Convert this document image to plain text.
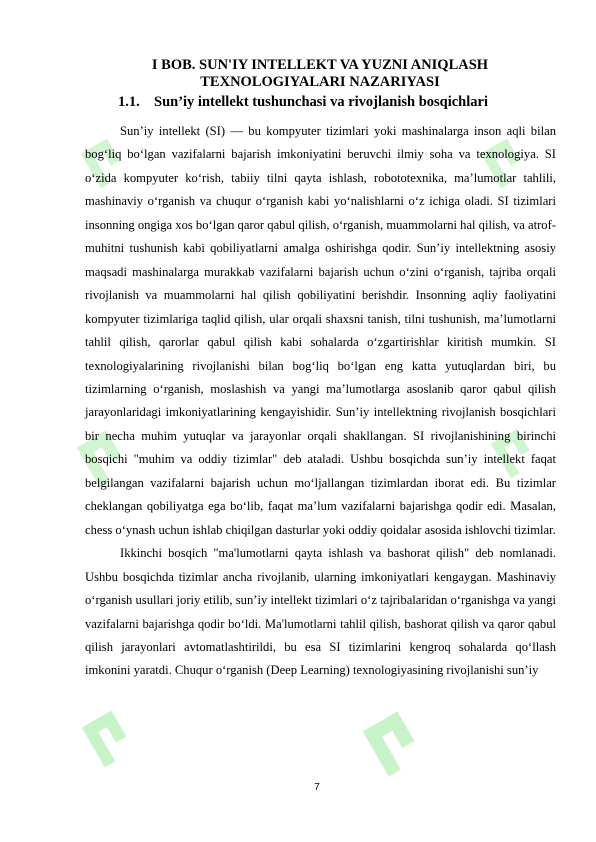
I BOB. SUN'IY INTELLEKT VA YUZNI ANIQLASH
TEXNOLOGIYALARI NAZARIYASI
1.1. Sun’iy intellekt tushunchasi va rivojlanish bosqichlari

Sun’iy intellekt (SI) — bu kompyuter tizimlari yoki mashinalarga inson aqli bilan bog‘liq bo‘lgan vazifalarni bajarish imkoniyatini beruvchi ilmiy soha va texnologiya. SI o‘zida kompyuter ko‘rish, tabiiy tilni qayta ishlash, robototexnika, ma’lumotlar tahlili, mashinaviy o‘rganish va chuqur o‘rganish kabi yo‘nalishlarni o‘z ichiga oladi. SI tizimlari insonning ongiga xos bo‘lgan qaror qabul qilish, o‘rganish, muammolarni hal qilish, va atrof-muhitni tushunish kabi qobiliyatlarni amalga oshirishga qodir. Sun’iy intellektning asosiy maqsadi mashinalarga murakkab vazifalarni bajarish uchun o‘zini o‘rganish, tajriba orqali rivojlanish va muammolarni hal qilish qobiliyatini berishdir. Insonning aqliy faoliyatini kompyuter tizimlariga taqlid qilish, ular orqali shaxsni tanish, tilni tushunish, ma’lumotlarni tahlil qilish, qarorlar qabul qilish kabi sohalarda o‘zgartirishlar kiritish mumkin. SI texnologiyalarining rivojlanishi bilan bog‘liq bo‘lgan eng katta yutuqlardan biri, bu tizimlarning o‘rganish, moslashish va yangi ma’lumotlarga asoslanib qaror qabul qilish jarayonlaridagi imkoniyatlarining kengayishidir. Sun’iy intellektning rivojlanish bosqichlari bir necha muhim yutuqlar va jarayonlar orqali shakllangan. SI rivojlanishining birinchi bosqichi "muhim va oddiy tizimlar" deb ataladi. Ushbu bosqichda sun’iy intellekt faqat belgilangan vazifalarni bajarish uchun mo‘ljallangan tizimlardan iborat edi. Bu tizimlar cheklangan qobiliyatga ega bo‘lib, faqat ma’lum vazifalarni bajarishga qodir edi. Masalan, chess o‘ynash uchun ishlab chiqilgan dasturlar yoki oddiy qoidalar asosida ishlovchi tizimlar.

Ikkinchi bosqich "ma'lumotlarni qayta ishlash va bashorat qilish" deb nomlanadi. Ushbu bosqichda tizimlar ancha rivojlanib, ularning imkoniyatlari kengaygan. Mashinaviy o‘rganish usullari joriy etilib, sun’iy intellekt tizimlari o‘z tajribalaridan o‘rganishga va yangi vazifalarni bajarishga qodir bo‘ldi. Ma'lumotlarni tahlil qilish, bashorat qilish va qaror qabul qilish jarayonlari avtomatlashtirildi, bu esa SI tizimlarini kengroq sohalarda qo‘llash imkonini yaratdi. Chuqur o‘rganish (Deep Learning) texnologiyasining rivojlanishi sun’iy

7
